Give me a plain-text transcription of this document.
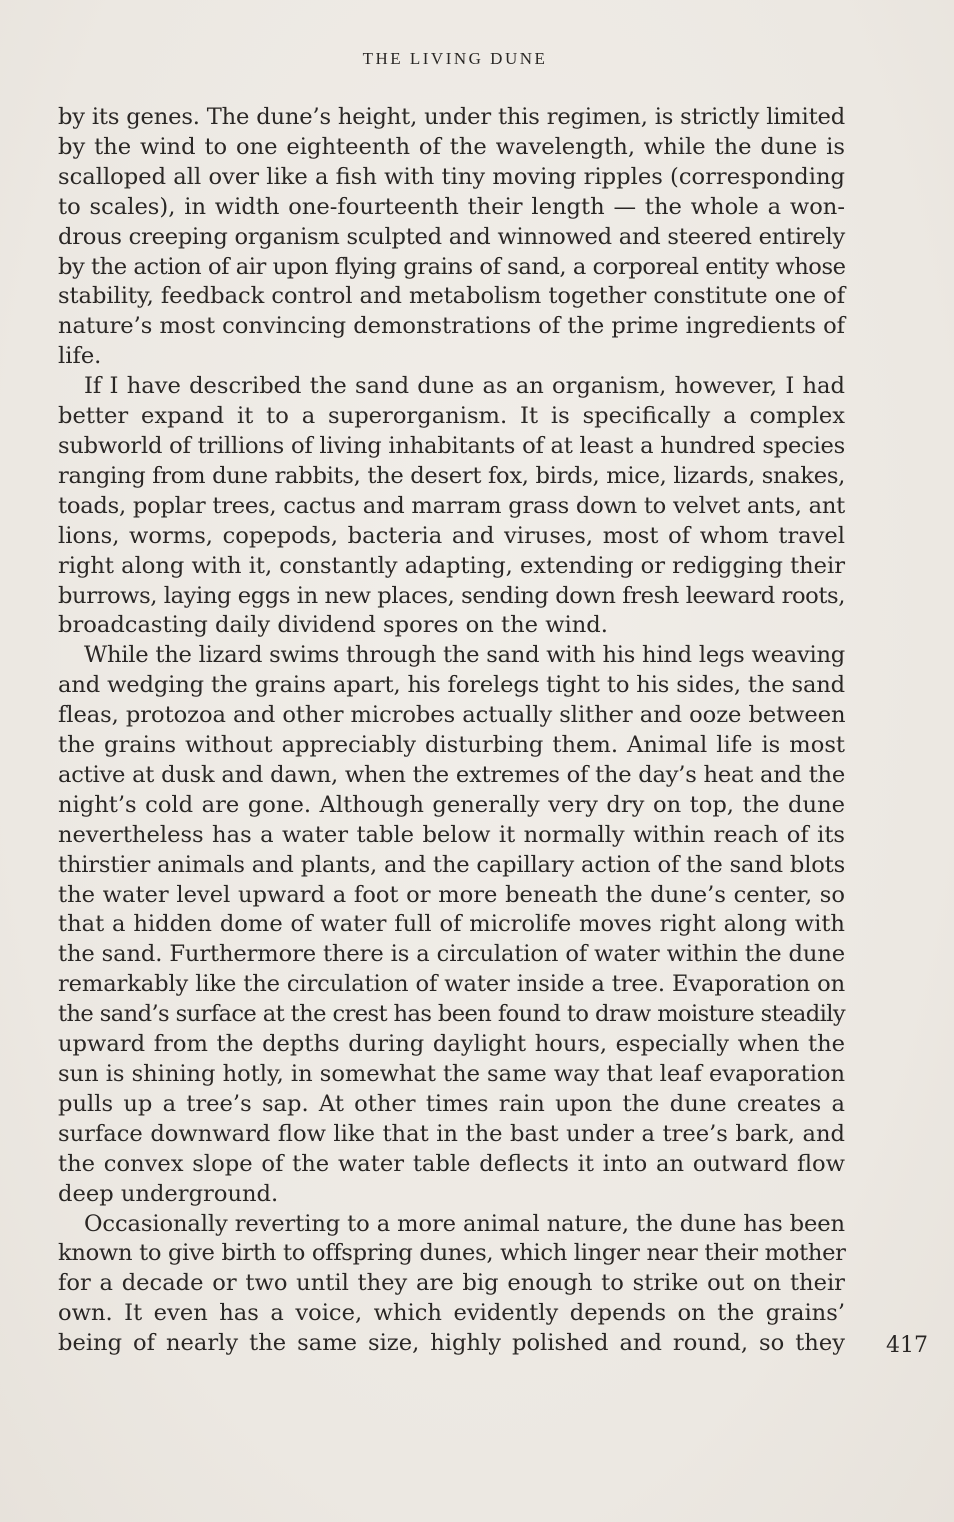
THE LIVING DUNE

by its genes. The dune’s height, under this regimen, is strictly limited
by the wind to one eighteenth of the wavelength, while the dune is
scalloped all over like a fish with tiny moving ripples (corresponding
to scales), in width one-fourteenth their length — the whole a won-
drous creeping organism sculpted and winnowed and steered entirely
by the action of air upon flying grains of sand, a corporeal entity whose
stability, feedback control and metabolism together constitute one of
nature’s most convincing demonstrations of the prime ingredients of
life.

If I have described the sand dune as an organism, however, I had
better expand it to a superorganism. It is specifically a complex
subworld of trillions of living inhabitants of at least a hundred species
ranging from dune rabbits, the desert fox, birds, mice, lizards, snakes,
toads, poplar trees, cactus and marram grass down to velvet ants, ant
lions, worms, copepods, bacteria and viruses, most of whom travel
right along with it, constantly adapting, extending or redigging their
burrows, laying eggs in new places, sending down fresh leeward roots,
broadcasting daily dividend spores on the wind.

While the lizard swims through the sand with his hind legs weaving
and wedging the grains apart, his forelegs tight to his sides, the sand
fleas, protozoa and other microbes actually slither and ooze between
the grains without appreciably disturbing them. Animal life is most
active at dusk and dawn, when the extremes of the day’s heat and the
night’s cold are gone. Although generally very dry on top, the dune
nevertheless has a water table below it normally within reach of its
thirstier animals and plants, and the capillary action of the sand blots
the water level upward a foot or more beneath the dune’s center, so
that a hidden dome of water full of microlife moves right along with
the sand. Furthermore there is a circulation of water within the dune
remarkably like the circulation of water inside a tree. Evaporation on
the sand’s surface at the crest has been found to draw moisture steadily
upward from the depths during daylight hours, especially when the
sun is shining hotly, in somewhat the same way that leaf evaporation
pulls up a tree’s sap. At other times rain upon the dune creates a
surface downward flow like that in the bast under a tree’s bark, and
the convex slope of the water table deflects it into an outward flow
deep underground.

Occasionally reverting to a more animal nature, the dune has been
known to give birth to offspring dunes, which linger near their mother
for a decade or two until they are big enough to strike out on their
own. It even has a voice, which evidently depends on the grains’
being of nearly the same size, highly polished and round, so they 417
